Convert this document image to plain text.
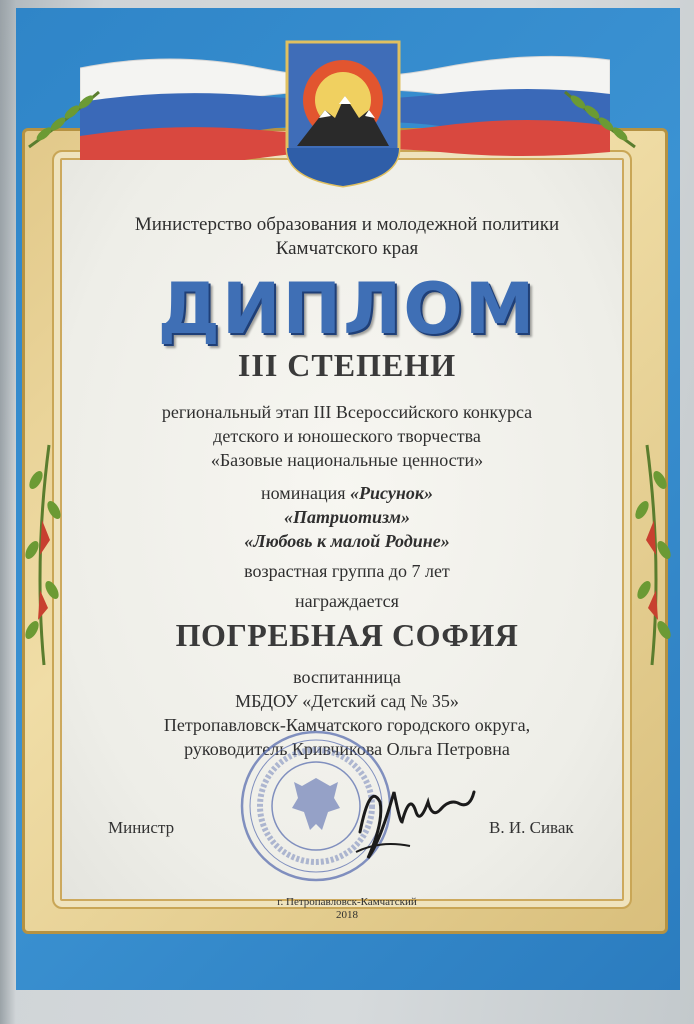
Министерство образования и молодежной политики
Камчатского края
ДИПЛОМ
III СТЕПЕНИ
региональный этап III Всероссийского конкурса
детского и юношеского творчества
«Базовые национальные ценности»
номинация «Рисунок»
«Патриотизм»
«Любовь к малой Родине»
возрастная группа до 7 лет
награждается
ПОГРЕБНАЯ СОФИЯ
воспитанница
МБДОУ «Детский сад № 35»
Петропавловск-Камчатского городского округа,
руководитель Кривчикова Ольга Петровна
Министр	В. И. Сивак
г. Петропавловск-Камчатский
2018
